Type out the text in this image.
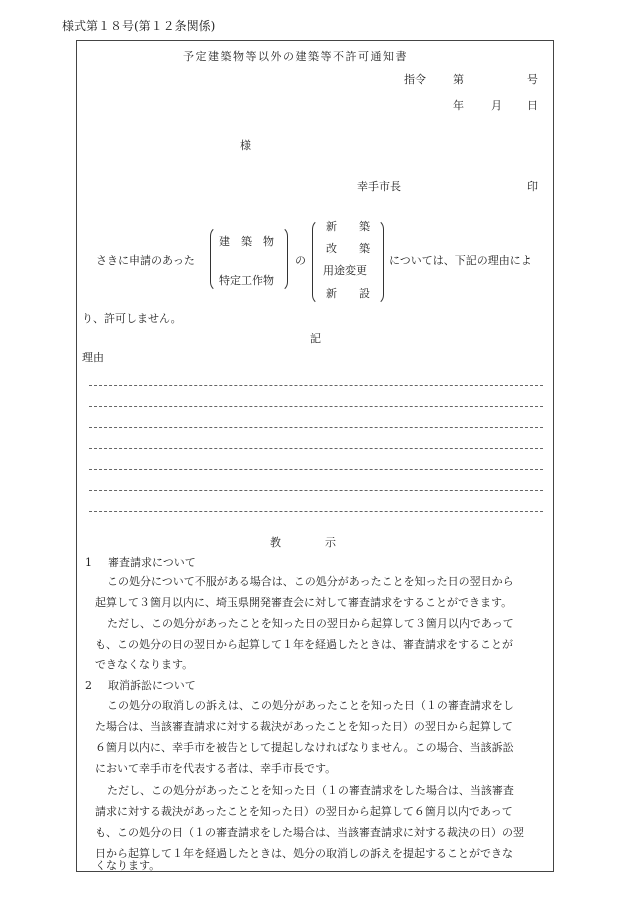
様式第１８号(第１２条関係)
予定建築物等以外の建築等不許可通知書
指令 第	号
年 月 日
様
幸手市長	印
さきに申請のあった
建　築　物
特定工作物
の
新　　築
改　　築
用途変更
新　　設
については、下記の理由によ
り、許可しません。
記
理由
教　　　　示
1 審査請求について
この処分について不服がある場合は、この処分があったことを知った日の翌日から
起算して３箇月以内に、埼玉県開発審査会に対して審査請求をすることができます。
ただし、この処分があったことを知った日の翌日から起算して３箇月以内であって
も、この処分の日の翌日から起算して１年を経過したときは、審査請求をすることが
できなくなります。
2 取消訴訟について
この処分の取消しの訴えは、この処分があったことを知った日（１の審査請求をし
た場合は、当該審査請求に対する裁決があったことを知った日）の翌日から起算して
６箇月以内に、幸手市を被告として提起しなければなりません。この場合、当該訴訟
において幸手市を代表する者は、幸手市長です。
ただし、この処分があったことを知った日（１の審査請求をした場合は、当該審査
請求に対する裁決があったことを知った日）の翌日から起算して６箇月以内であって
も、この処分の日（１の審査請求をした場合は、当該審査請求に対する裁決の日）の翌
日から起算して１年を経過したときは、処分の取消しの訴えを提起することができな
くなります。
